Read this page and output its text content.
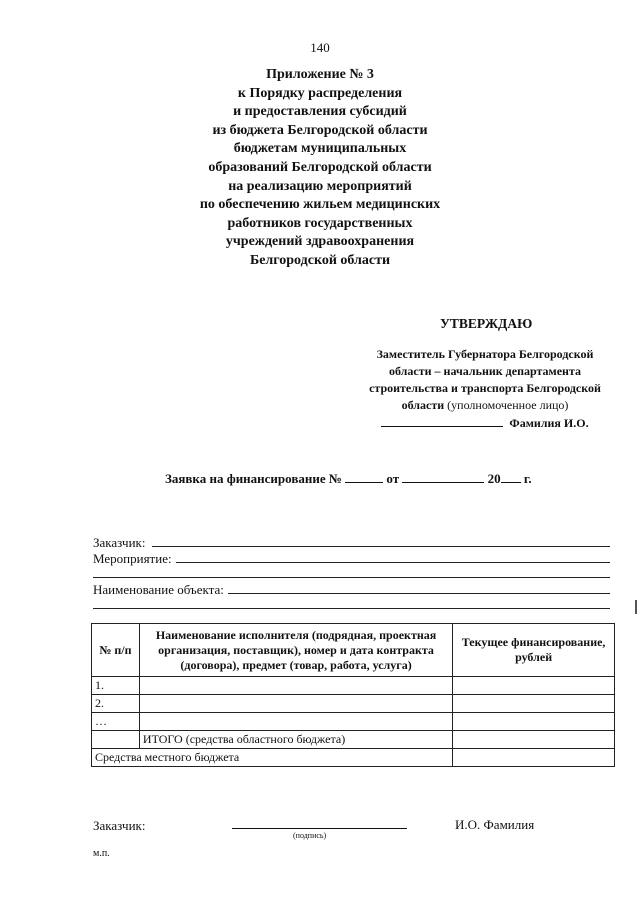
140
Приложение № 3
к Порядку распределения
и предоставления субсидий
из бюджета Белгородской области
бюджетам муниципальных
образований Белгородской области
на реализацию мероприятий
по обеспечению жильем медицинских
работников государственных
учреждений здравоохранения
Белгородской области
УТВЕРЖДАЮ
Заместитель Губернатора Белгородской
области – начальник департамента
строительства и транспорта Белгородской
области (уполномоченное лицо)
Фамилия И.О.
Заявка на финансирование №	от	20 г.
Заказчик:
Мероприятие:
Наименование объекта:
№ п/п	Наименование исполнителя (подрядная, проектная организация, поставщик), номер и дата контракта (договора), предмет (товар, работа, услуга)	Текущее финансирование, рублей
1.		
2.		
…		
	ИТОГО (средства областного бюджета)	
Средства местного бюджета		
Заказчик:
(подпись)
И.О. Фамилия
м.п.
